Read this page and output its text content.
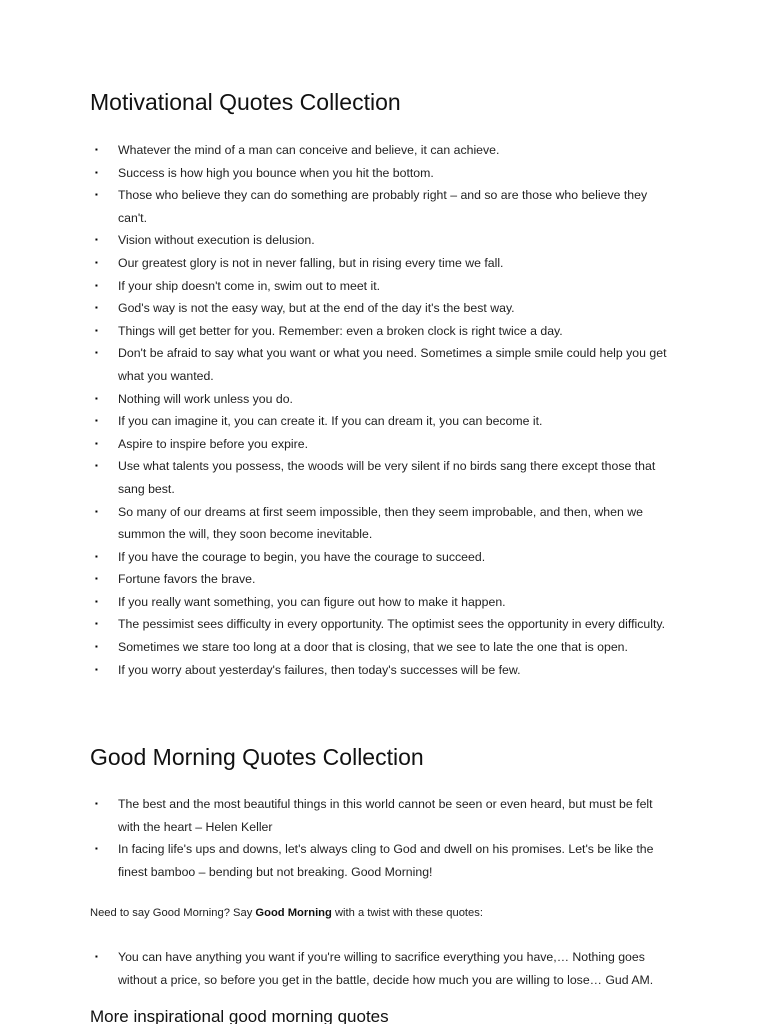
Motivational Quotes Collection
▪ Whatever the mind of a man can conceive and believe, it can achieve.
▪ Success is how high you bounce when you hit the bottom.
▪ Those who believe they can do something are probably right – and so are those who believe they can't.
▪ Vision without execution is delusion.
▪ Our greatest glory is not in never falling, but in rising every time we fall.
▪ If your ship doesn't come in, swim out to meet it.
▪ God's way is not the easy way, but at the end of the day it's the best way.
▪ Things will get better for you. Remember: even a broken clock is right twice a day.
▪ Don't be afraid to say what you want or what you need. Sometimes a simple smile could help you get what you wanted.
▪ Nothing will work unless you do.
▪ If you can imagine it, you can create it. If you can dream it, you can become it.
▪ Aspire to inspire before you expire.
▪ Use what talents you possess, the woods will be very silent if no birds sang there except those that sang best.
▪ So many of our dreams at first seem impossible, then they seem improbable, and then, when we summon the will, they soon become inevitable.
▪ If you have the courage to begin, you have the courage to succeed.
▪ Fortune favors the brave.
▪ If you really want something, you can figure out how to make it happen.
▪ The pessimist sees difficulty in every opportunity. The optimist sees the opportunity in every difficulty.
▪ Sometimes we stare too long at a door that is closing, that we see to late the one that is open.
▪ If you worry about yesterday's failures, then today's successes will be few.
Good Morning Quotes Collection
▪ The best and the most beautiful things in this world cannot be seen or even heard, but must be felt with the heart – Helen Keller
▪ In facing life's ups and downs, let's always cling to God and dwell on his promises. Let's be like the finest bamboo – bending but not breaking. Good Morning!

Need to say Good Morning? Say Good Morning with a twist with these quotes:

▪ You can have anything you want if you're willing to sacrifice everything you have,… Nothing goes without a price, so before you get in the battle, decide how much you are willing to lose… Gud AM.
More inspirational good morning quotes
